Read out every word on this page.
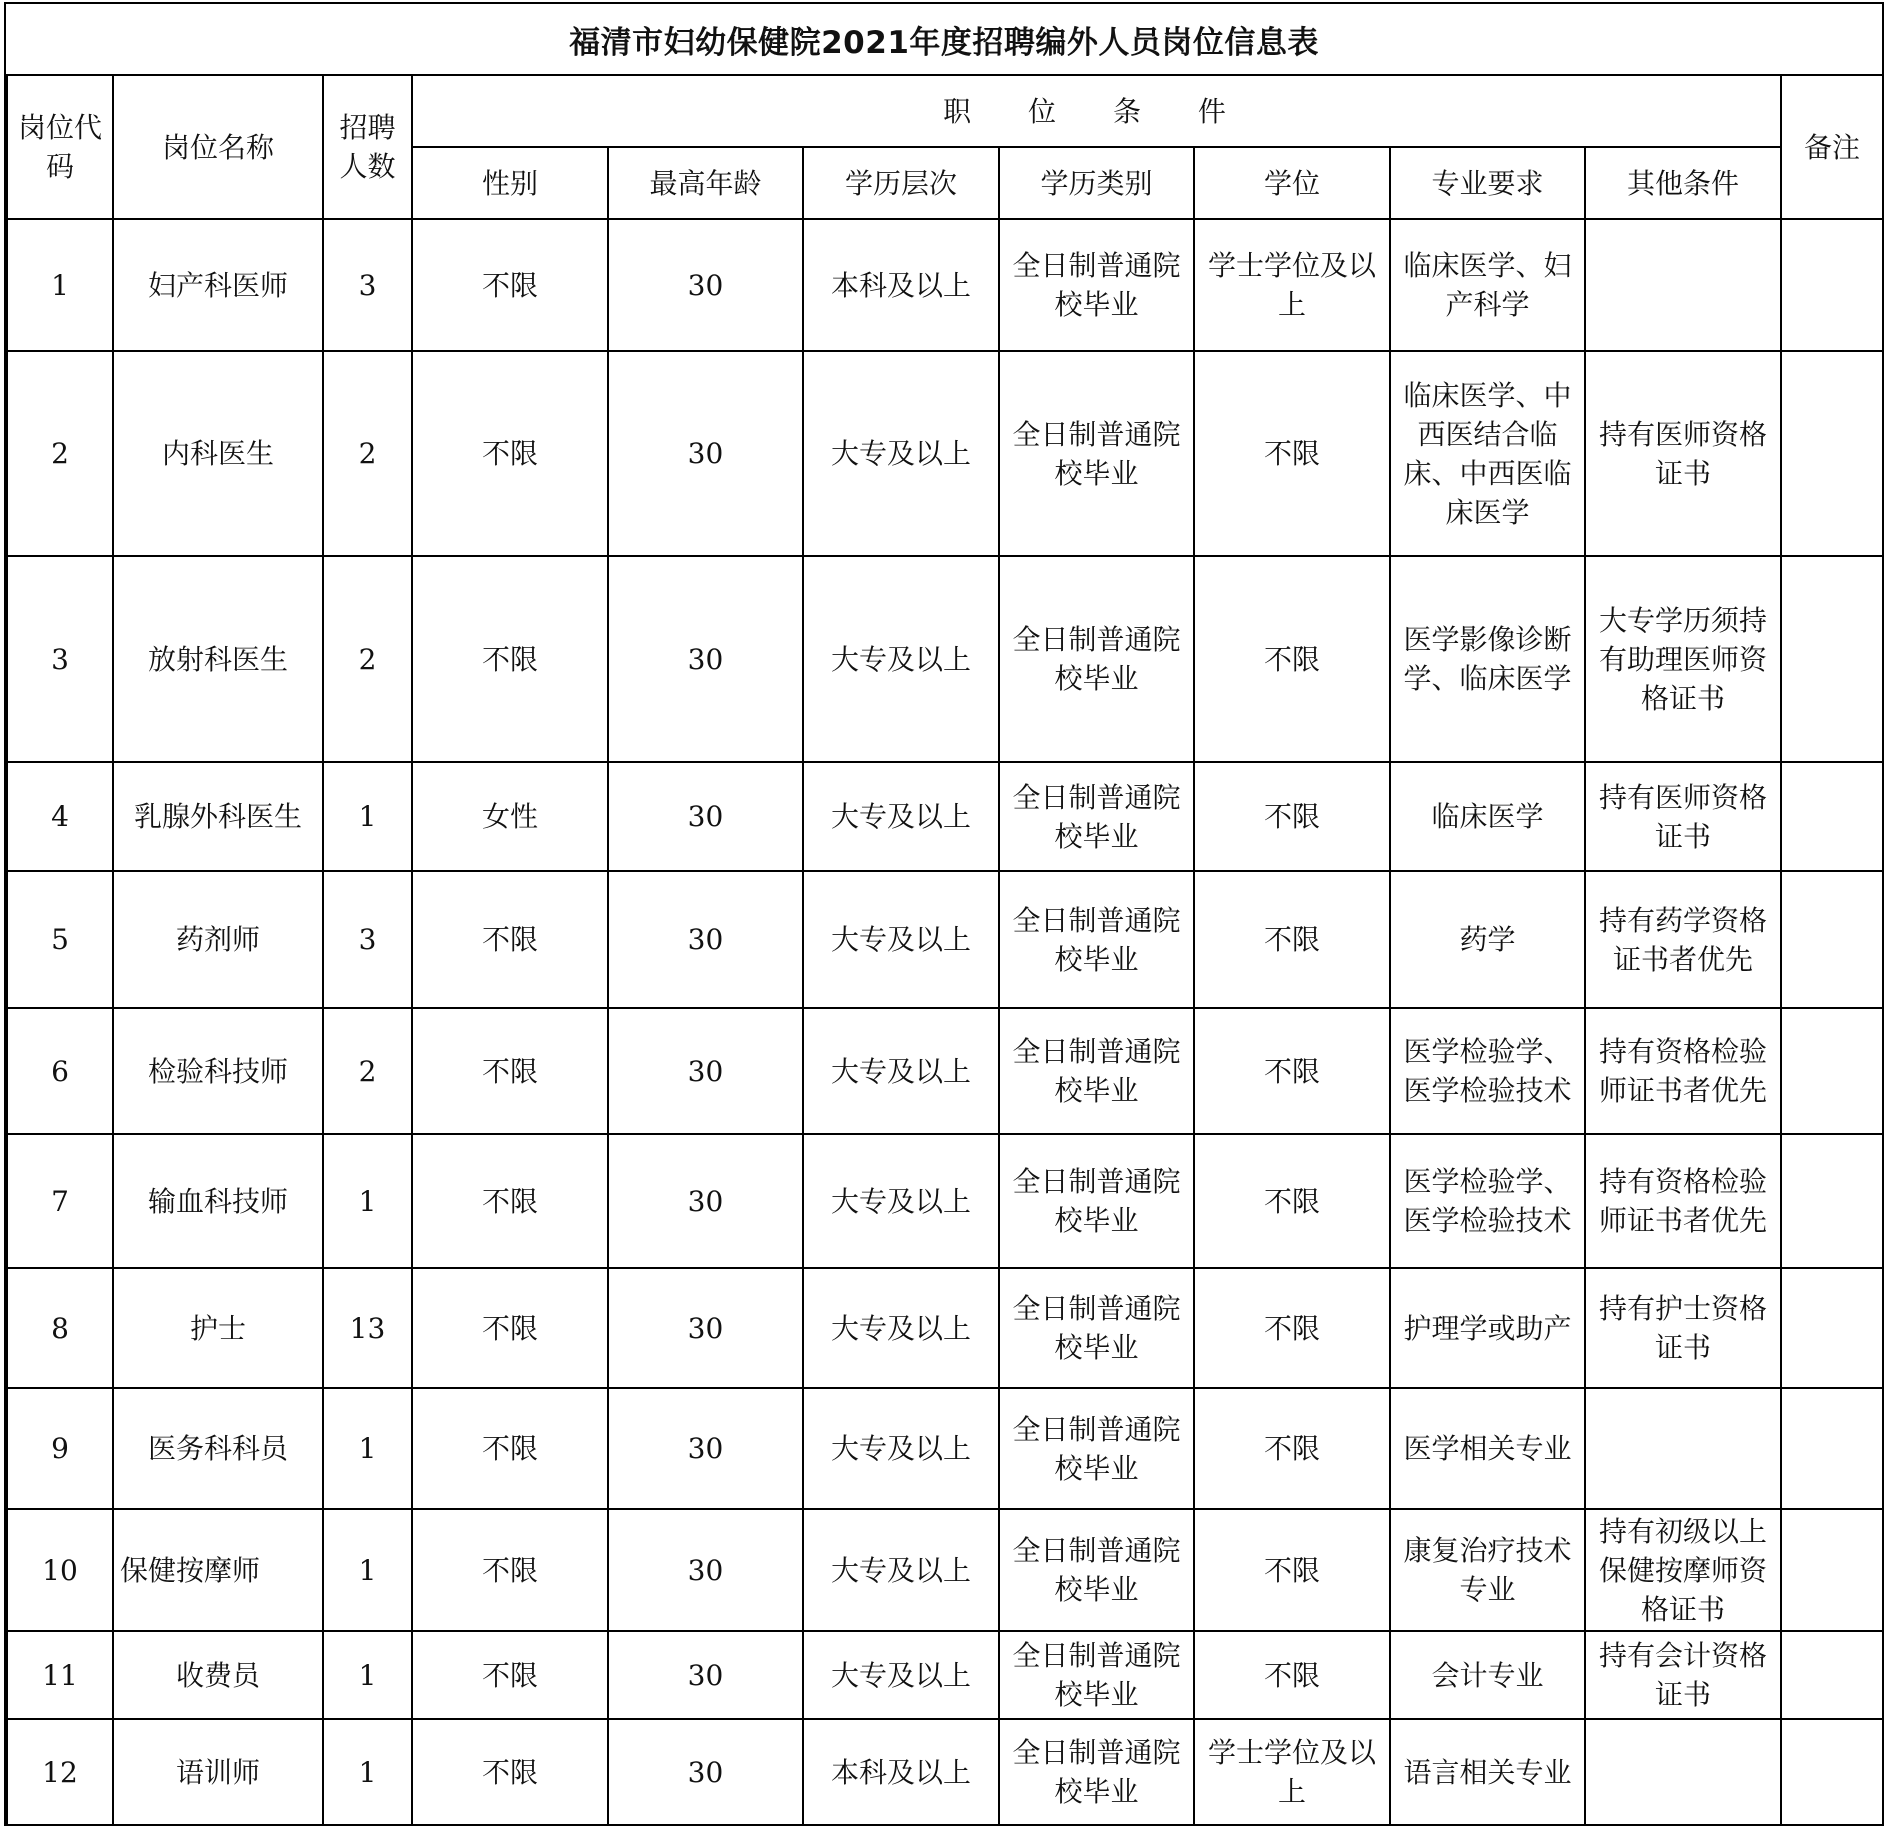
福清市妇幼保健院2021年度招聘编外人员岗位信息表
岗位代码	岗位名称	招聘人数	职 位 条 件							备注
			性别	最高年龄	学历层次	学历类别	学位	专业要求	其他条件	
1	妇产科医师	3	不限	30	本科及以上	全日制普通院校毕业	学士学位及以上	临床医学、妇产科学		
2	内科医生	2	不限	30	大专及以上	全日制普通院校毕业	不限	临床医学、中西医结合临床、中西医临床医学	持有医师资格证书	
3	放射科医生	2	不限	30	大专及以上	全日制普通院校毕业	不限	医学影像诊断学、临床医学	大专学历须持有助理医师资格证书	
4	乳腺外科医生	1	女性	30	大专及以上	全日制普通院校毕业	不限	临床医学	持有医师资格证书	
5	药剂师	3	不限	30	大专及以上	全日制普通院校毕业	不限	药学	持有药学资格证书者优先	
6	检验科技师	2	不限	30	大专及以上	全日制普通院校毕业	不限	医学检验学、医学检验技术	持有资格检验师证书者优先	
7	输血科技师	1	不限	30	大专及以上	全日制普通院校毕业	不限	医学检验学、医学检验技术	持有资格检验师证书者优先	
8	护士	13	不限	30	大专及以上	全日制普通院校毕业	不限	护理学或助产	持有护士资格证书	
9	医务科科员	1	不限	30	大专及以上	全日制普通院校毕业	不限	医学相关专业		
10	保健按摩师	1	不限	30	大专及以上	全日制普通院校毕业	不限	康复治疗技术专业	持有初级以上保健按摩师资格证书	
11	收费员	1	不限	30	大专及以上	全日制普通院校毕业	不限	会计专业	持有会计资格证书	
12	语训师	1	不限	30	本科及以上	全日制普通院校毕业	学士学位及以上	语言相关专业		
